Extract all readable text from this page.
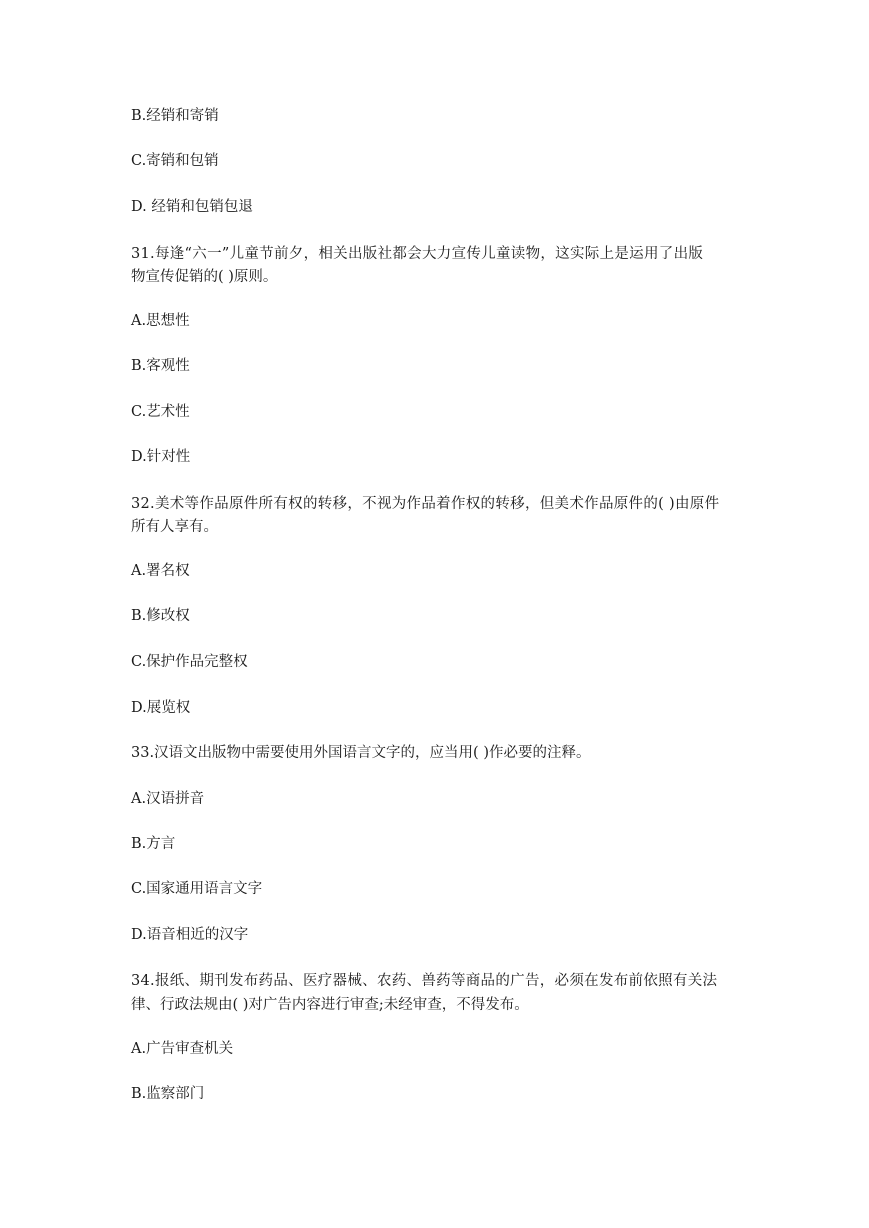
B.经销和寄销
C.寄销和包销
D. 经销和包销包退
31.每逢“六一”儿童节前夕，相关出版社都会大力宣传儿童读物，这实际上是运用了出版
物宣传促销的( )原则。
A.思想性
B.客观性
C.艺术性
D.针对性
32.美术等作品原件所有权的转移，不视为作品着作权的转移，但美术作品原件的( )由原件
所有人享有。
A.署名权
B.修改权
C.保护作品完整权
D.展览权
33.汉语文出版物中需要使用外国语言文字的，应当用( )作必要的注释。
A.汉语拼音
B.方言
C.国家通用语言文字
D.语音相近的汉字
34.报纸、期刊发布药品、医疗器械、农药、兽药等商品的广告，必须在发布前依照有关法
律、行政法规由( )对广告内容进行审查;未经审查，不得发布。
A.广告审查机关
B.监察部门
